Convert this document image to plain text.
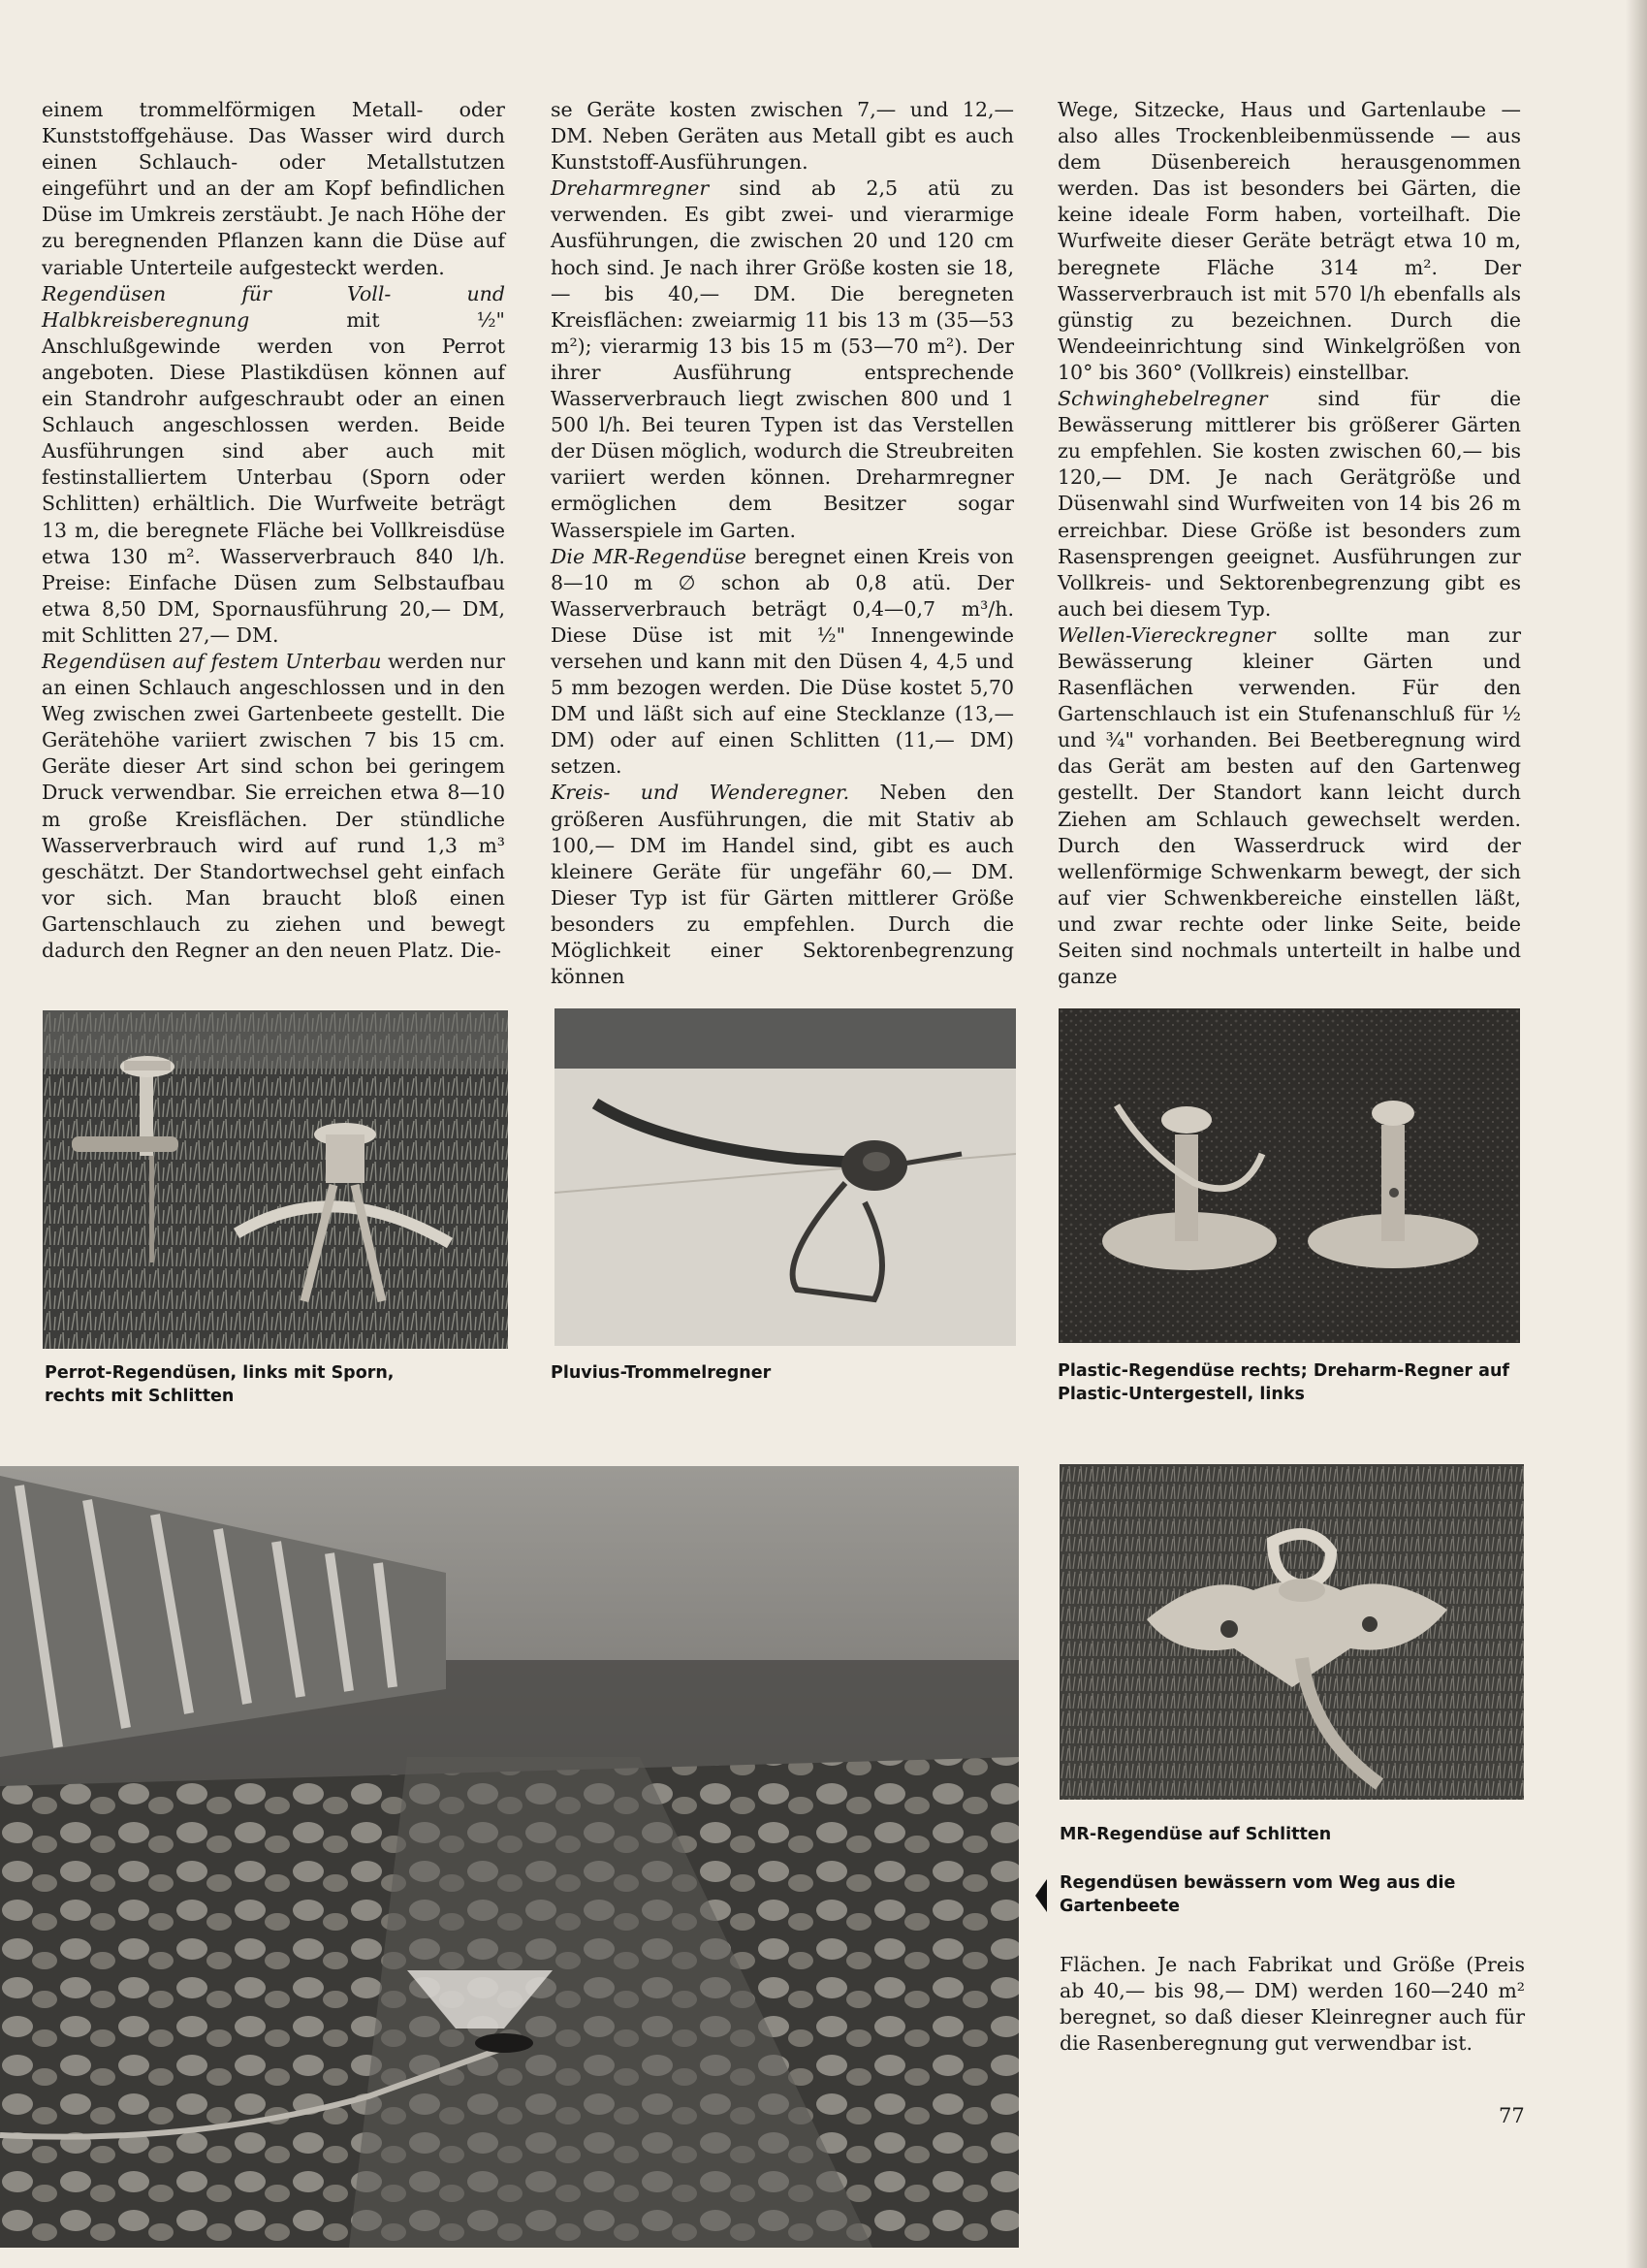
einem trommelförmigen Metall- oder Kunststoffgehäuse. Das Wasser wird durch einen Schlauch- oder Metallstutzen eingeführt und an der am Kopf befindlichen Düse im Umkreis zerstäubt. Je nach Höhe der zu beregnenden Pflanzen kann die Düse auf variable Unterteile aufgesteckt werden.

Regendüsen für Voll- und Halbkreisberegnung mit ½" Anschlußgewinde werden von Perrot angeboten. Diese Plastikdüsen können auf ein Standrohr aufgeschraubt oder an einen Schlauch angeschlossen werden. Beide Ausführungen sind aber auch mit festinstalliertem Unterbau (Sporn oder Schlitten) erhältlich. Die Wurfweite beträgt 13 m, die beregnete Fläche bei Vollkreisdüse etwa 130 m². Wasserverbrauch 840 l/h. Preise: Einfache Düsen zum Selbstaufbau etwa 8,50 DM, Spornausführung 20,— DM, mit Schlitten 27,— DM.

Regendüsen auf festem Unterbau werden nur an einen Schlauch angeschlossen und in den Weg zwischen zwei Gartenbeete gestellt. Die Gerätehöhe variiert zwischen 7 bis 15 cm. Geräte dieser Art sind schon bei geringem Druck verwendbar. Sie erreichen etwa 8—10 m große Kreisflächen. Der stündliche Wasserverbrauch wird auf rund 1,3 m³ geschätzt. Der Standortwechsel geht einfach vor sich. Man braucht bloß einen Gartenschlauch zu ziehen und bewegt dadurch den Regner an den neuen Platz. Die-

se Geräte kosten zwischen 7,— und 12,— DM. Neben Geräten aus Metall gibt es auch Kunststoff-Ausführungen.

Dreharmregner sind ab 2,5 atü zu verwenden. Es gibt zwei- und vierarmige Ausführungen, die zwischen 20 und 120 cm hoch sind. Je nach ihrer Größe kosten sie 18,— bis 40,— DM. Die beregneten Kreisflächen: zweiarmig 11 bis 13 m (35—53 m²); vierarmig 13 bis 15 m (53—70 m²). Der ihrer Ausführung entsprechende Wasserverbrauch liegt zwischen 800 und 1 500 l/h. Bei teuren Typen ist das Verstellen der Düsen möglich, wodurch die Streubreiten variiert werden können. Dreharmregner ermöglichen dem Besitzer sogar Wasserspiele im Garten.

Die MR-Regendüse beregnet einen Kreis von 8—10 m ∅ schon ab 0,8 atü. Der Wasserverbrauch beträgt 0,4—0,7 m³/h. Diese Düse ist mit ½" Innengewinde versehen und kann mit den Düsen 4, 4,5 und 5 mm bezogen werden. Die Düse kostet 5,70 DM und läßt sich auf eine Stecklanze (13,— DM) oder auf einen Schlitten (11,— DM) setzen.

Kreis- und Wenderegner. Neben den größeren Ausführungen, die mit Stativ ab 100,— DM im Handel sind, gibt es auch kleinere Geräte für ungefähr 60,— DM. Dieser Typ ist für Gärten mittlerer Größe besonders zu empfehlen. Durch die Möglichkeit einer Sektorenbegrenzung können

Wege, Sitzecke, Haus und Gartenlaube — also alles Trockenbleibenmüssende — aus dem Düsenbereich herausgenommen werden. Das ist besonders bei Gärten, die keine ideale Form haben, vorteilhaft. Die Wurfweite dieser Geräte beträgt etwa 10 m, beregnete Fläche 314 m². Der Wasserverbrauch ist mit 570 l/h ebenfalls als günstig zu bezeichnen. Durch die Wendeeinrichtung sind Winkelgrößen von 10° bis 360° (Vollkreis) einstellbar.

Schwinghebelregner sind für die Bewässerung mittlerer bis größerer Gärten zu empfehlen. Sie kosten zwischen 60,— bis 120,— DM. Je nach Gerätgröße und Düsenwahl sind Wurfweiten von 14 bis 26 m erreichbar. Diese Größe ist besonders zum Rasensprengen geeignet. Ausführungen zur Vollkreis- und Sektorenbegrenzung gibt es auch bei diesem Typ.

Wellen-Viereckregner sollte man zur Bewässerung kleiner Gärten und Rasenflächen verwenden. Für den Gartenschlauch ist ein Stufenanschluß für ½ und ¾" vorhanden. Bei Beetberegnung wird das Gerät am besten auf den Gartenweg gestellt. Der Standort kann leicht durch Ziehen am Schlauch gewechselt werden. Durch den Wasserdruck wird der wellenförmige Schwenkarm bewegt, der sich auf vier Schwenkbereiche einstellen läßt, und zwar rechte oder linke Seite, beide Seiten sind nochmals unterteilt in halbe und ganze

Perrot-Regendüsen, links mit Sporn, rechts mit Schlitten
Pluvius-Trommelregner	Plastic-Regendüse rechts; Dreharm-Regner auf Plastic-Untergestell, links
MR-Regendüse auf Schlitten
Regendüsen bewässern vom Weg aus die Gartenbeete
Flächen. Je nach Fabrikat und Größe (Preis ab 40,— bis 98,— DM) werden 160—240 m² beregnet, so daß dieser Kleinregner auch für die Rasenberegnung gut verwendbar ist.
77
